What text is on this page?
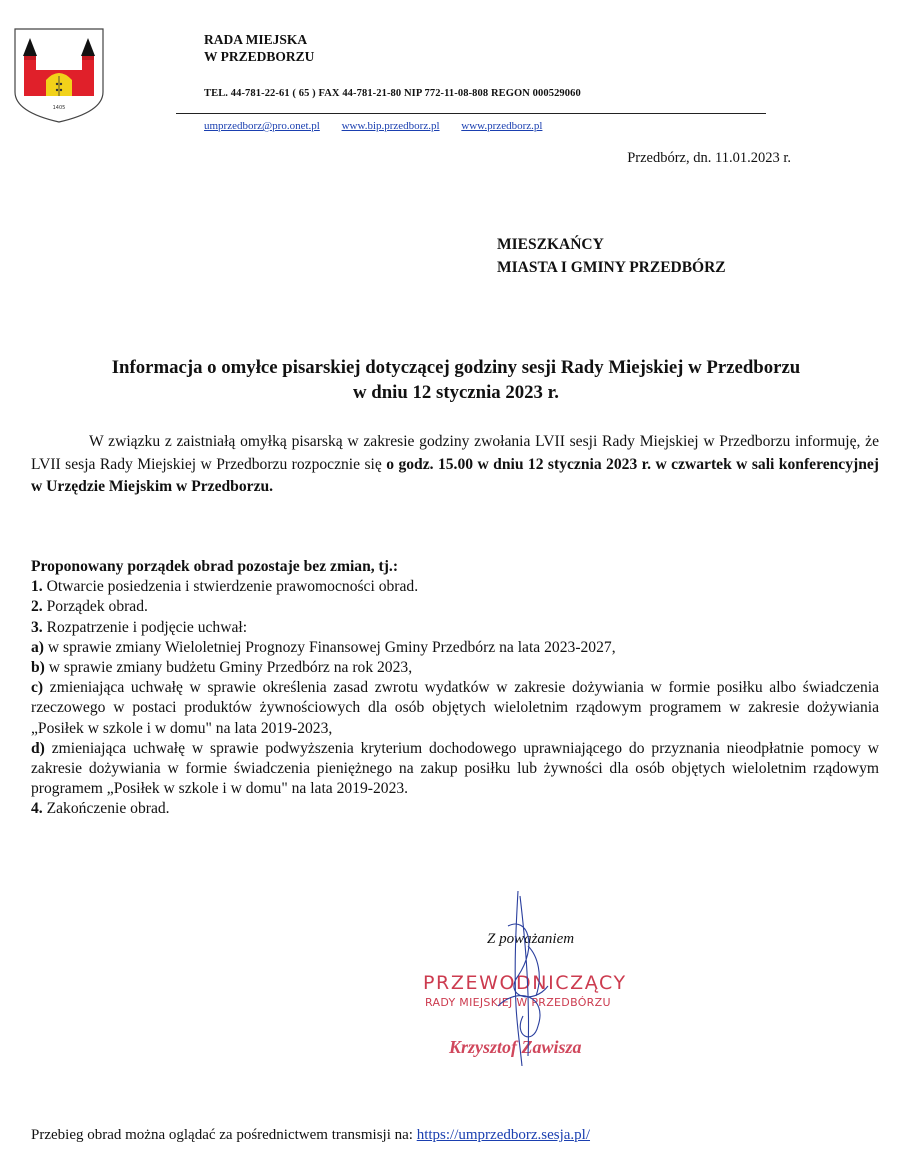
1405
RADA MIEJSKA
W PRZEDBORZU
TEL. 44-781-22-61 ( 65 ) FAX 44-781-21-80 NIP 772-11-08-808 REGON 000529060
umprzedborz@pro.onet.pl www.bip.przedborz.pl www.przedborz.pl
Przedbórz, dn. 11.01.2023 r.
MIESZKAŃCY
MIASTA I GMINY PRZEDBÓRZ
Informacja o omyłce pisarskiej dotyczącej godziny sesji Rady Miejskiej w Przedborzu
w dniu 12 stycznia 2023 r.
W związku z zaistniałą omyłką pisarską w zakresie godziny zwołania LVII sesji Rady Miejskiej w Przedborzu informuję, że LVII sesja Rady Miejskiej w Przedborzu rozpocznie się o godz. 15.00 w dniu 12 stycznia 2023 r. w czwartek w sali konferencyjnej w Urzędzie Miejskim w Przedborzu.
Proponowany porządek obrad pozostaje bez zmian, tj.:
1. Otwarcie posiedzenia i stwierdzenie prawomocności obrad.
2. Porządek obrad.
3. Rozpatrzenie i podjęcie uchwał:
a) w sprawie zmiany Wieloletniej Prognozy Finansowej Gminy Przedbórz na lata 2023-2027,
b) w sprawie zmiany budżetu Gminy Przedbórz na rok 2023,
c) zmieniająca uchwałę w sprawie określenia zasad zwrotu wydatków w zakresie dożywiania w formie posiłku albo świadczenia rzeczowego w postaci produktów żywnościowych dla osób objętych wieloletnim rządowym programem w zakresie dożywiania „Posiłek w szkole i w domu" na lata 2019-2023,
d) zmieniająca uchwałę w sprawie podwyższenia kryterium dochodowego uprawniającego do przyznania nieodpłatnie pomocy w zakresie dożywiania w formie świadczenia pieniężnego na zakup posiłku lub żywności dla osób objętych wieloletnim rządowym programem „Posiłek w szkole i w domu" na lata 2019-2023.
4. Zakończenie obrad.
Z poważaniem
PRZEWODNICZĄCY
RADY MIEJSKIEJ W PRZEDBÓRZU
Krzysztof Zawisza
Przebieg obrad można oglądać za pośrednictwem transmisji na: https://umprzedborz.sesja.pl/
